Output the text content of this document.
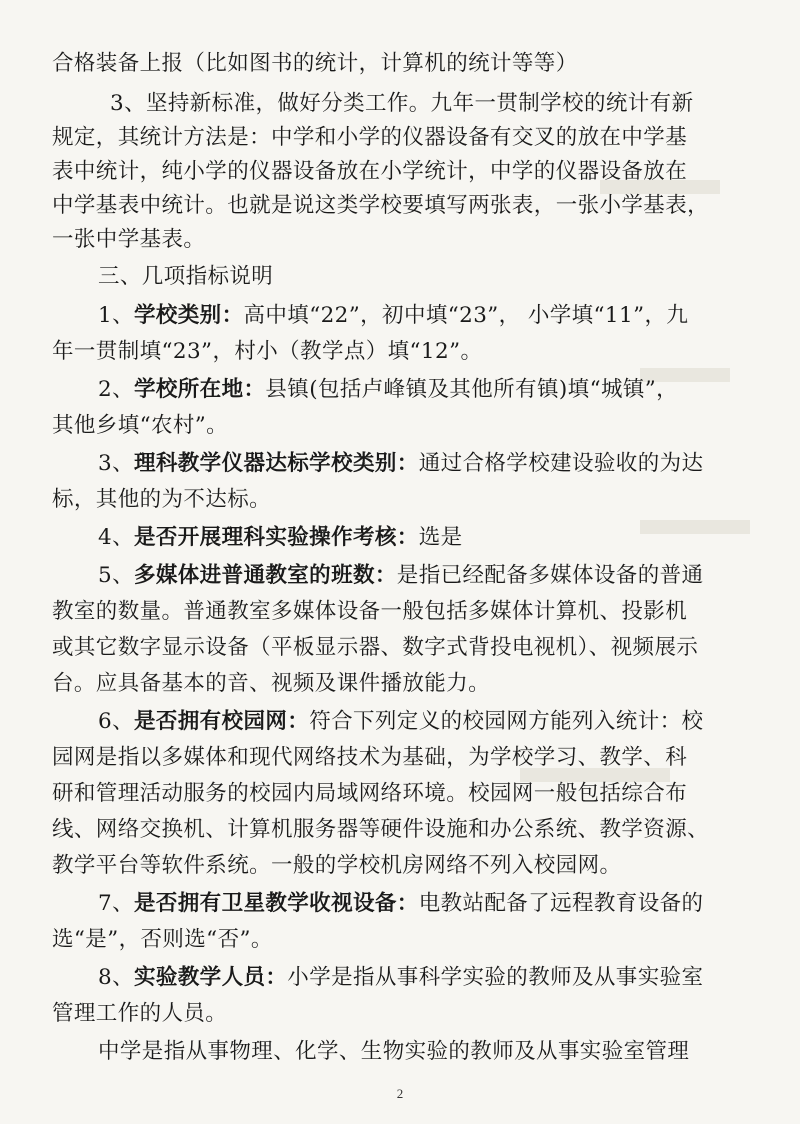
合格装备上报（比如图书的统计，计算机的统计等等）
3、坚持新标准，做好分类工作。九年一贯制学校的统计有新
规定，其统计方法是：中学和小学的仪器设备有交叉的放在中学基
表中统计，纯小学的仪器设备放在小学统计，中学的仪器设备放在
中学基表中统计。也就是说这类学校要填写两张表，一张小学基表，
一张中学基表。
三、几项指标说明
1、学校类别：高中填“22”，初中填“23”， 小学填“11”，九
年一贯制填“23”，村小（教学点）填“12”。
2、学校所在地：县镇(包括卢峰镇及其他所有镇)填“城镇”，
其他乡填“农村”。
3、理科教学仪器达标学校类别：通过合格学校建设验收的为达
标，其他的为不达标。
4、是否开展理科实验操作考核：选是
5、多媒体进普通教室的班数：是指已经配备多媒体设备的普通
教室的数量。普通教室多媒体设备一般包括多媒体计算机、投影机
或其它数字显示设备（平板显示器、数字式背投电视机）、视频展示
台。应具备基本的音、视频及课件播放能力。
6、是否拥有校园网：符合下列定义的校园网方能列入统计：校
园网是指以多媒体和现代网络技术为基础，为学校学习、教学、科
研和管理活动服务的校园内局域网络环境。校园网一般包括综合布
线、网络交换机、计算机服务器等硬件设施和办公系统、教学资源、
教学平台等软件系统。一般的学校机房网络不列入校园网。
7、是否拥有卫星教学收视设备：电教站配备了远程教育设备的
选“是”，否则选“否”。
8、实验教学人员：小学是指从事科学实验的教师及从事实验室
管理工作的人员。
中学是指从事物理、化学、生物实验的教师及从事实验室管理
2
